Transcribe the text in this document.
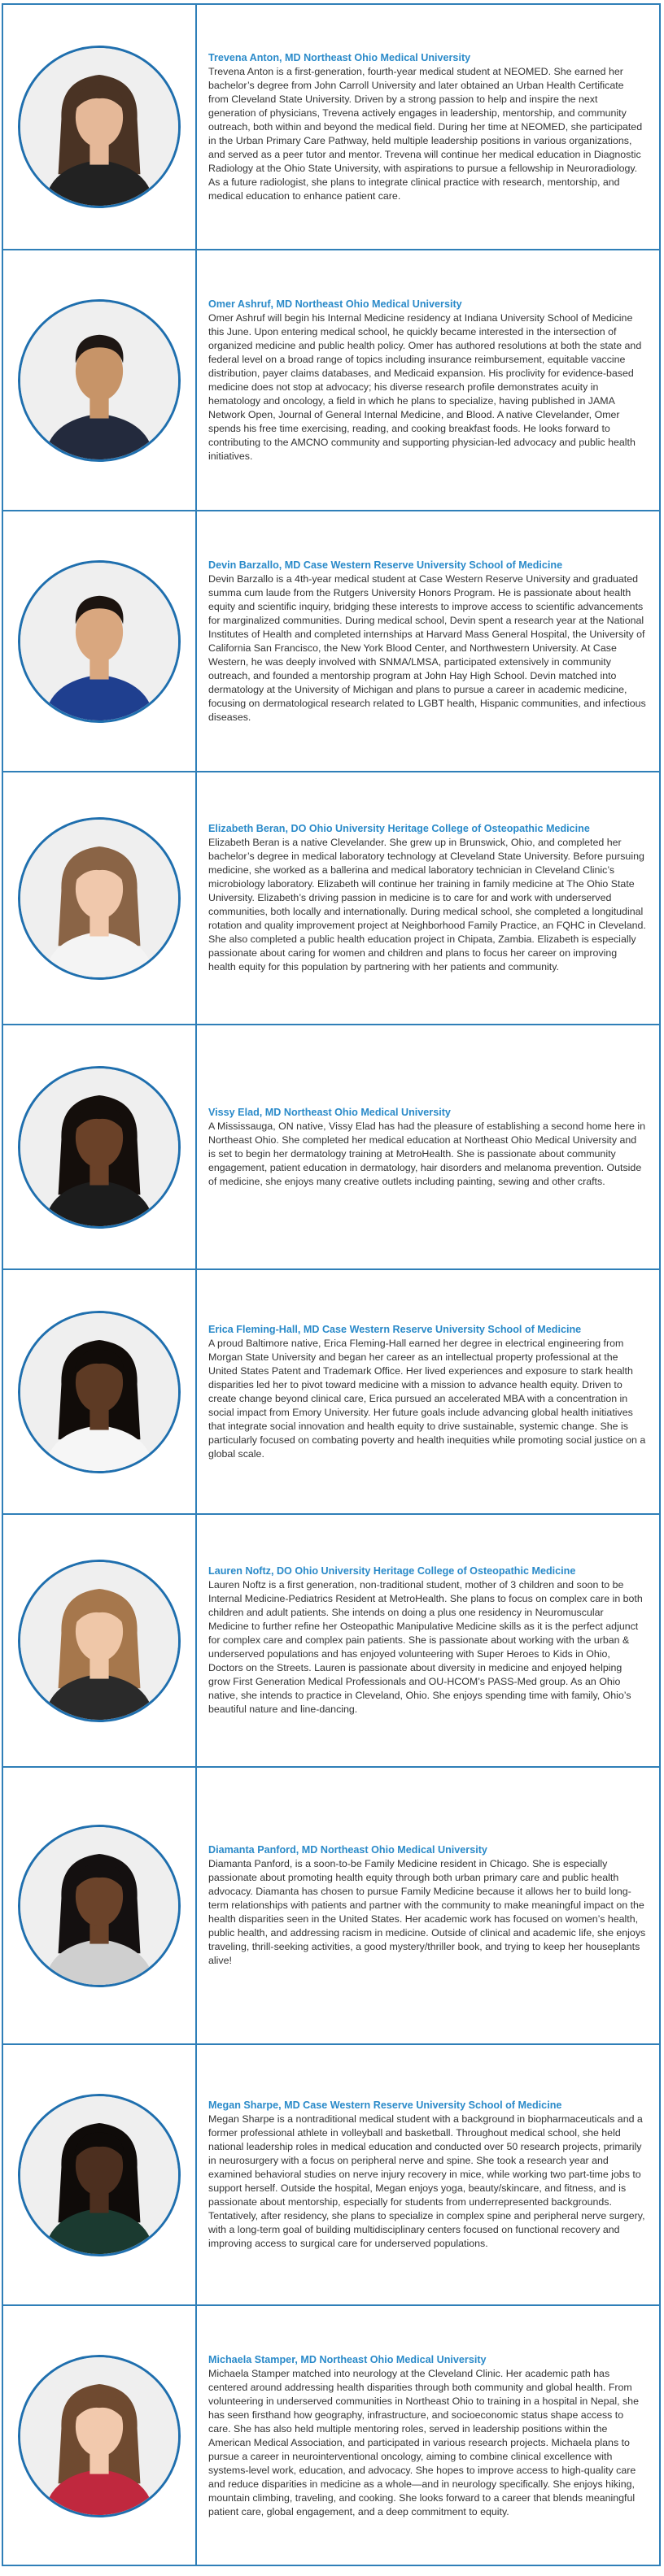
Trevena Anton, MD Northeast Ohio Medical University

Trevena Anton is a first-generation, fourth-year medical student at NEOMED. She earned her bachelor’s degree from John Carroll University and later obtained an Urban Health Certificate from Cleveland State University. Driven by a strong passion to help and inspire the next generation of physicians, Trevena actively engages in leadership, mentorship, and community outreach, both within and beyond the medical field. During her time at NEOMED, she participated in the Urban Primary Care Pathway, held multiple leadership positions in various organizations, and served as a peer tutor and mentor. Trevena will continue her medical education in Diagnostic Radiology at the Ohio State University, with aspirations to pursue a fellowship in Neuroradiology. As a future radiologist, she plans to integrate clinical practice with research, mentorship, and medical education to enhance patient care.

Omer Ashruf, MD Northeast Ohio Medical University

Omer Ashruf will begin his Internal Medicine residency at Indiana University School of Medicine this June. Upon entering medical school, he quickly became interested in the intersection of organized medicine and public health policy. Omer has authored resolutions at both the state and federal level on a broad range of topics including insurance reimbursement, equitable vaccine distribution, payer claims databases, and Medicaid expansion. His proclivity for evidence-based medicine does not stop at advocacy; his diverse research profile demonstrates acuity in hematology and oncology, a field in which he plans to specialize, having published in JAMA Network Open, Journal of General Internal Medicine, and Blood. A native Clevelander, Omer spends his free time exercising, reading, and cooking breakfast foods. He looks forward to contributing to the AMCNO community and supporting physician-led advocacy and public health initiatives.

Devin Barzallo, MD Case Western Reserve University School of Medicine

Devin Barzallo is a 4th-year medical student at Case Western Reserve University and graduated summa cum laude from the Rutgers University Honors Program. He is passionate about health equity and scientific inquiry, bridging these interests to improve access to scientific advancements for marginalized communities. During medical school, Devin spent a research year at the National Institutes of Health and completed internships at Harvard Mass General Hospital, the University of California San Francisco, the New York Blood Center, and Northwestern University. At Case Western, he was deeply involved with SNMA/LMSA, participated extensively in community outreach, and founded a mentorship program at John Hay High School. Devin matched into dermatology at the University of Michigan and plans to pursue a career in academic medicine, focusing on dermatological research related to LGBT health, Hispanic communities, and infectious diseases.

Elizabeth Beran, DO Ohio University Heritage College of Osteopathic Medicine

Elizabeth Beran is a native Clevelander. She grew up in Brunswick, Ohio, and completed her bachelor’s degree in medical laboratory technology at Cleveland State University. Before pursuing medicine, she worked as a ballerina and medical laboratory technician in Cleveland Clinic’s microbiology laboratory. Elizabeth will continue her training in family medicine at The Ohio State University. Elizabeth’s driving passion in medicine is to care for and work with underserved communities, both locally and internationally. During medical school, she completed a longitudinal rotation and quality improvement project at Neighborhood Family Practice, an FQHC in Cleveland. She also completed a public health education project in Chipata, Zambia. Elizabeth is especially passionate about caring for women and children and plans to focus her career on improving health equity for this population by partnering with her patients and community.

Vissy Elad, MD Northeast Ohio Medical University

A Mississauga, ON native, Vissy Elad has had the pleasure of establishing a second home here in Northeast Ohio. She completed her medical education at Northeast Ohio Medical University and is set to begin her dermatology training at MetroHealth. She is passionate about community engagement, patient education in dermatology, hair disorders and melanoma prevention. Outside of medicine, she enjoys many creative outlets including painting, sewing and other crafts.

Erica Fleming-Hall, MD Case Western Reserve University School of Medicine

A proud Baltimore native, Erica Fleming-Hall earned her degree in electrical engineering from Morgan State University and began her career as an intellectual property professional at the United States Patent and Trademark Office. Her lived experiences and exposure to stark health disparities led her to pivot toward medicine with a mission to advance health equity. Driven to create change beyond clinical care, Erica pursued an accelerated MBA with a concentration in social impact from Emory University. Her future goals include advancing global health initiatives that integrate social innovation and health equity to drive sustainable, systemic change. She is particularly focused on combating poverty and health inequities while promoting social justice on a global scale.

Lauren Noftz, DO Ohio University Heritage College of Osteopathic Medicine

Lauren Noftz is a first generation, non-traditional student, mother of 3 children and soon to be Internal Medicine-Pediatrics Resident at MetroHealth. She plans to focus on complex care in both children and adult patients. She intends on doing a plus one residency in Neuromuscular Medicine to further refine her Osteopathic Manipulative Medicine skills as it is the perfect adjunct for complex care and complex pain patients. She is passionate about working with the urban & underserved populations and has enjoyed volunteering with Super Heroes to Kids in Ohio, Doctors on the Streets. Lauren is passionate about diversity in medicine and enjoyed helping grow First Generation Medical Professionals and OU-HCOM’s PASS-Med group. As an Ohio native, she intends to practice in Cleveland, Ohio. She enjoys spending time with family, Ohio’s beautiful nature and line-dancing.

Diamanta Panford, MD Northeast Ohio Medical University

Diamanta Panford, is a soon-to-be Family Medicine resident in Chicago. She is especially passionate about promoting health equity through both urban primary care and public health advocacy. Diamanta has chosen to pursue Family Medicine because it allows her to build long-term relationships with patients and partner with the community to make meaningful impact on the health disparities seen in the United States. Her academic work has focused on women’s health, public health, and addressing racism in medicine. Outside of clinical and academic life, she enjoys traveling, thrill-seeking activities, a good mystery/thriller book, and trying to keep her houseplants alive!

Megan Sharpe, MD Case Western Reserve University School of Medicine

Megan Sharpe is a nontraditional medical student with a background in biopharmaceuticals and a former professional athlete in volleyball and basketball. Throughout medical school, she held national leadership roles in medical education and conducted over 50 research projects, primarily in neurosurgery with a focus on peripheral nerve and spine. She took a research year and examined behavioral studies on nerve injury recovery in mice, while working two part-time jobs to support herself. Outside the hospital, Megan enjoys yoga, beauty/skincare, and fitness, and is passionate about mentorship, especially for students from underrepresented backgrounds. Tentatively, after residency, she plans to specialize in complex spine and peripheral nerve surgery, with a long-term goal of building multidisciplinary centers focused on functional recovery and improving access to surgical care for underserved populations.

Michaela Stamper, MD Northeast Ohio Medical University

Michaela Stamper matched into neurology at the Cleveland Clinic. Her academic path has centered around addressing health disparities through both community and global health. From volunteering in underserved communities in Northeast Ohio to training in a hospital in Nepal, she has seen firsthand how geography, infrastructure, and socioeconomic status shape access to care. She has also held multiple mentoring roles, served in leadership positions within the American Medical Association, and participated in various research projects. Michaela plans to pursue a career in neurointerventional oncology, aiming to combine clinical excellence with systems-level work, education, and advocacy. She hopes to improve access to high-quality care and reduce disparities in medicine as a whole—and in neurology specifically. She enjoys hiking, mountain climbing, traveling, and cooking. She looks forward to a career that blends meaningful patient care, global engagement, and a deep commitment to equity.
